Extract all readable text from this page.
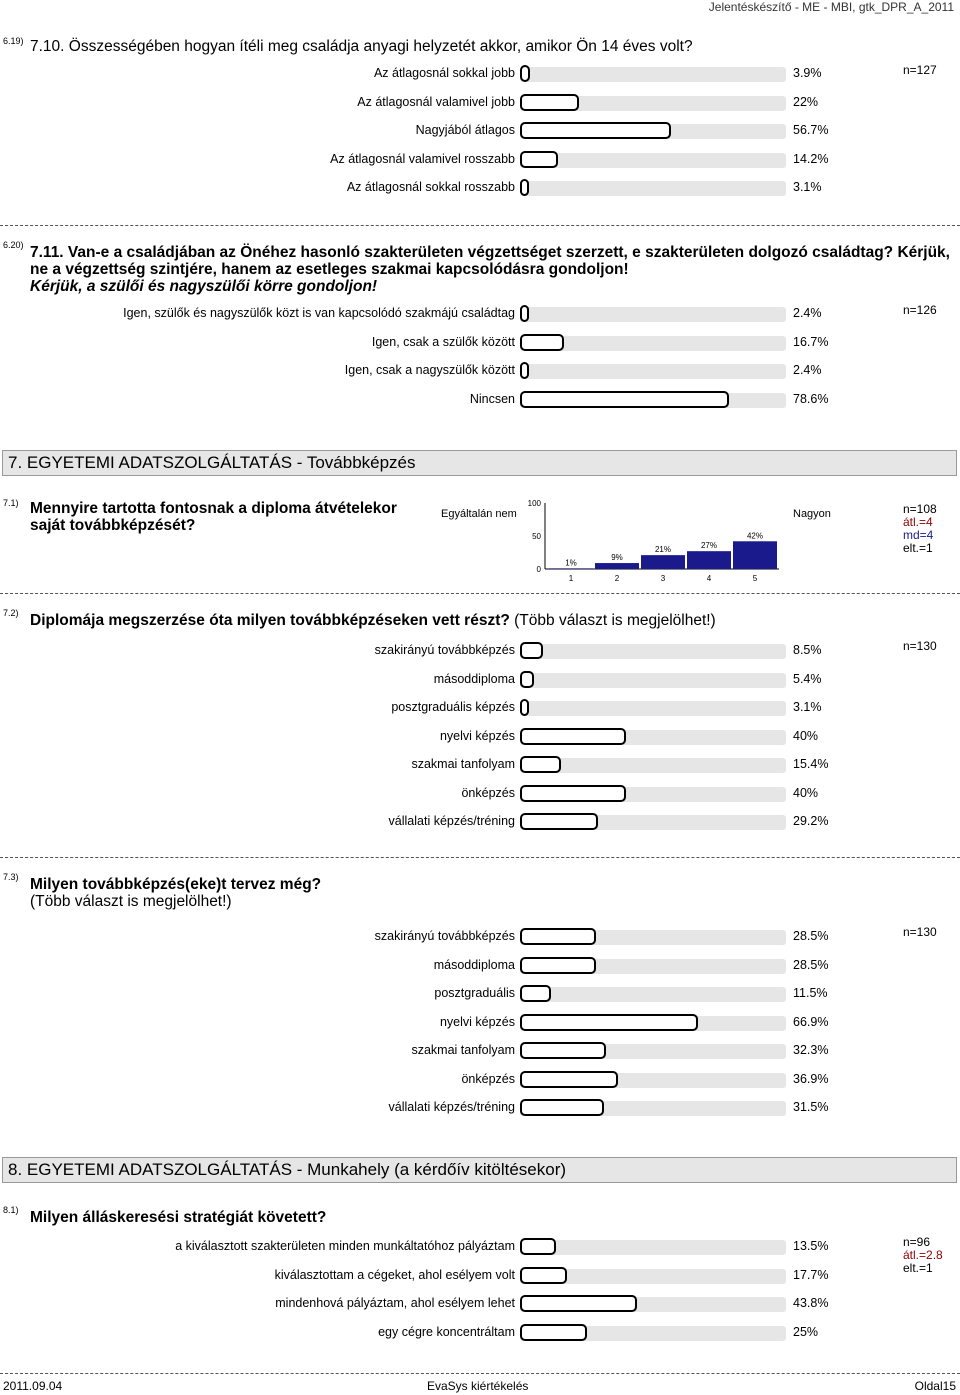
Jelentéskészítő - ME - MBI, gtk_DPR_A_2011
6.19) 7.10. Összességében hogyan ítéli meg családja anyagi helyzetét akkor, amikor Ön 14 éves volt?
n=127
6.20) 7.11. Van-e a családjában az Önéhez hasonló szakterületen végzettséget szerzett, e szakterületen dolgozó családtag? Kérjük, ne a végzettség szintjére, hanem az esetleges szakmai kapcsolódásra gondoljon!
Kérjük, a szülői és nagyszülői körre gondoljon!
n=126
7. EGYETEMI ADATSZOLGÁLTATÁS - Továbbképzés
7.1) Mennyire tartotta fontosnak a diploma átvételekor saját továbbképzését?
Egyáltalán nem	Nagyon
0
50
100
1%
1
9%
2
21%
3
27%
4
42%
5
n=108
átl.=4
md=4
elt.=1
7.2) Diplomája megszerzése óta milyen továbbképzéseken vett részt? (Több választ is megjelölhet!)
n=130
7.3) Milyen továbbképzés(eke)t tervez még?
(Több választ is megjelölhet!)
n=130
8. EGYETEMI ADATSZOLGÁLTATÁS - Munkahely (a kérdőív kitöltésekor)
8.1) Milyen álláskeresési stratégiát követett?
n=96
átl.=2.8
elt.=1
2011.09.04	EvaSys kiértékelés	Oldal15
Az átlagosnál sokkal jobb	3.9%
Az átlagosnál valamivel jobb	22%
Nagyjából átlagos	56.7%
Az átlagosnál valamivel rosszabb	14.2%
Az átlagosnál sokkal rosszabb	3.1%
Igen, szülők és nagyszülők közt is van kapcsolódó szakmájú családtag	2.4%
Igen, csak a szülők között	16.7%
Igen, csak a nagyszülők között	2.4%
Nincsen	78.6%
szakirányú továbbképzés	8.5%
másoddiploma	5.4%
posztgraduális képzés	3.1%
nyelvi képzés	40%
szakmai tanfolyam	15.4%
önképzés	40%
vállalati képzés/tréning	29.2%
szakirányú továbbképzés	28.5%
másoddiploma	28.5%
posztgraduális	11.5%
nyelvi képzés	66.9%
szakmai tanfolyam	32.3%
önképzés	36.9%
vállalati képzés/tréning	31.5%
a kiválasztott szakterületen minden munkáltatóhoz pályáztam	13.5%
kiválasztottam a cégeket, ahol esélyem volt	17.7%
mindenhová pályáztam, ahol esélyem lehet	43.8%
egy cégre koncentráltam	25%
